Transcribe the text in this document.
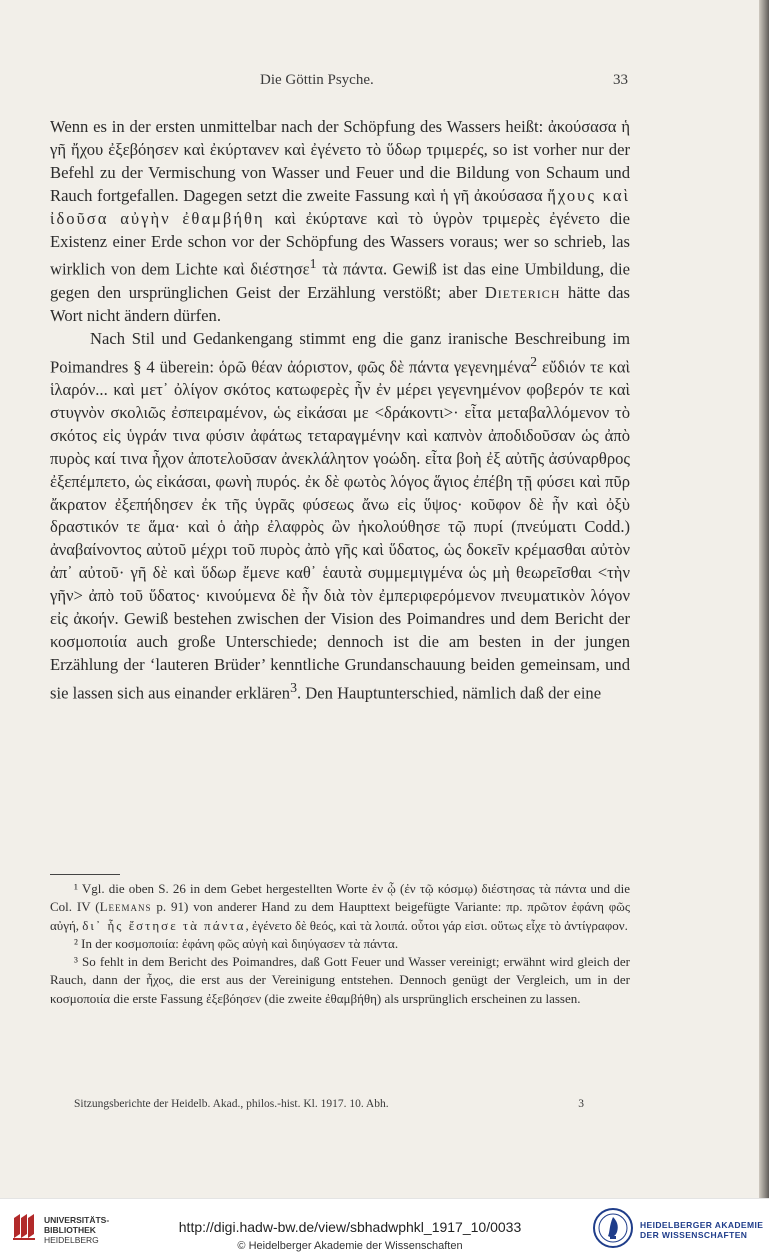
Die Göttin Psyche.	33

Wenn es in der ersten unmittelbar nach der Schöpfung des Wassers heißt: ἀκούσασα ἡ γῆ ἤχου ἐξεβόησεν καὶ ἐκύρτανεν καὶ ἐγένετο τὸ ὕδωρ τριμερές, so ist vorher nur der Befehl zu der Vermischung von Wasser und Feuer und die Bildung von Schaum und Rauch fortgefallen. Dagegen setzt die zweite Fassung καὶ ἡ γῆ ἀκούσασα ἤχους καὶ ἰδοῦσα αὐγὴν ἐθαμβήθη καὶ ἐκύρτανε καὶ τὸ ὑγρὸν τριμερὲς ἐγένετο die Existenz einer Erde schon vor der Schöpfung des Wassers voraus; wer so schrieb, las wirklich von dem Lichte καὶ διέστησε$^1$ τὰ πάντα. Gewiß ist das eine Umbildung, die gegen den ursprünglichen Geist der Erzählung verstößt; aber Dieterich hätte das Wort nicht ändern dürfen.

Nach Stil und Gedankengang stimmt eng die ganz iranische Beschreibung im Poimandres § 4 überein: ὁρῶ θέαν ἀόριστον, φῶς δὲ πάντα γεγενημένα$^2$ εὔδιόν τε καὶ ἱλαρόν... καὶ μετ᾽ ὀλίγον σκότος κατωφερὲς ἦν ἐν μέρει γεγενημένον φοβερόν τε καὶ στυγνὸν σκολιῶς ἐσπειραμένον, ὡς εἰκάσαι με <δράκοντι>· εἶτα μεταβαλλόμενον τὸ σκότος εἰς ὑγράν τινα φύσιν ἀφάτως τεταραγμένην καὶ καπνὸν ἀποδιδοῦσαν ὡς ἀπὸ πυρὸς καί τινα ἦχον ἀποτελοῦσαν ἀνεκλάλητον γοώδη. εἶτα βοὴ ἐξ αὐτῆς ἀσύναρθρος ἐξεπέμπετο, ὡς εἰκάσαι, φωνὴ πυρός. ἐκ δὲ φωτὸς λόγος ἅγιος ἐπέβη τῇ φύσει καὶ πῦρ ἄκρατον ἐξεπήδησεν ἐκ τῆς ὑγρᾶς φύσεως ἄνω εἰς ὕψος· κοῦφον δὲ ἦν καὶ ὀξὺ δραστικόν τε ἅμα· καὶ ὁ ἀὴρ ἐλαφρὸς ὢν ἠκολούθησε τῷ πυρί (πνεύματι Codd.) ἀναβαίνοντος αὐτοῦ μέχρι τοῦ πυρὸς ἀπὸ γῆς καὶ ὕδατος, ὡς δοκεῖν κρέμασθαι αὐτὸν ἀπ᾽ αὐτοῦ· γῆ δὲ καὶ ὕδωρ ἔμενε καθ᾽ ἑαυτὰ συμμεμιγμένα ὡς μὴ θεωρεῖσθαι <τὴν γῆν> ἀπὸ τοῦ ὕδατος· κινούμενα δὲ ἦν διὰ τὸν ἐμπεριφερόμενον πνευματικὸν λόγον εἰς ἀκοήν. Gewiß bestehen zwischen der Vision des Poimandres und dem Bericht der κοσμοποιία auch große Unterschiede; dennoch ist die am besten in der jungen Erzählung der ‘lauteren Brüder’ kenntliche Grundanschauung beiden gemeinsam, und sie lassen sich aus einander erklären$^3$. Den Hauptunterschied, nämlich daß der eine

¹ Vgl. die oben S. 26 in dem Gebet hergestellten Worte ἐν ᾧ (ἐν τῷ κόσμῳ) διέστησας τὰ πάντα und die Col. IV (Leemans p. 91) von anderer Hand zu dem Haupttext beigefügte Variante: πρ. πρῶτον ἐφάνη φῶς αὐγή, δι᾽ ἧς ἔστησε τὰ πάντα, ἐγένετο δὲ θεός, καὶ τὰ λοιπά. οὗτοι γάρ εἰσι. οὕτως εἶχε τὸ ἀντίγραφον.

² In der κοσμοποιία: ἐφάνη φῶς αὐγὴ καὶ διηύγασεν τὰ πάντα.

³ So fehlt in dem Bericht des Poimandres, daß Gott Feuer und Wasser vereinigt; erwähnt wird gleich der Rauch, dann der ἦχος, die erst aus der Vereinigung entstehen. Dennoch genügt der Vergleich, um in der κοσμοποιία die erste Fassung ἐξεβόησεν (die zweite ἐθαμβήθη) als ursprünglich erscheinen zu lassen.

Sitzungsberichte der Heidelb. Akad., philos.-hist. Kl. 1917. 10. Abh.	3
UNIVERSITÄTS-
BIBLIOTHEK
HEIDELBERG
http://digi.hadw-bw.de/view/sbhadwphkl_1917_10/0033
© Heidelberger Akademie der Wissenschaften
HEIDELBERGER AKADEMIE
DER WISSENSCHAFTEN
